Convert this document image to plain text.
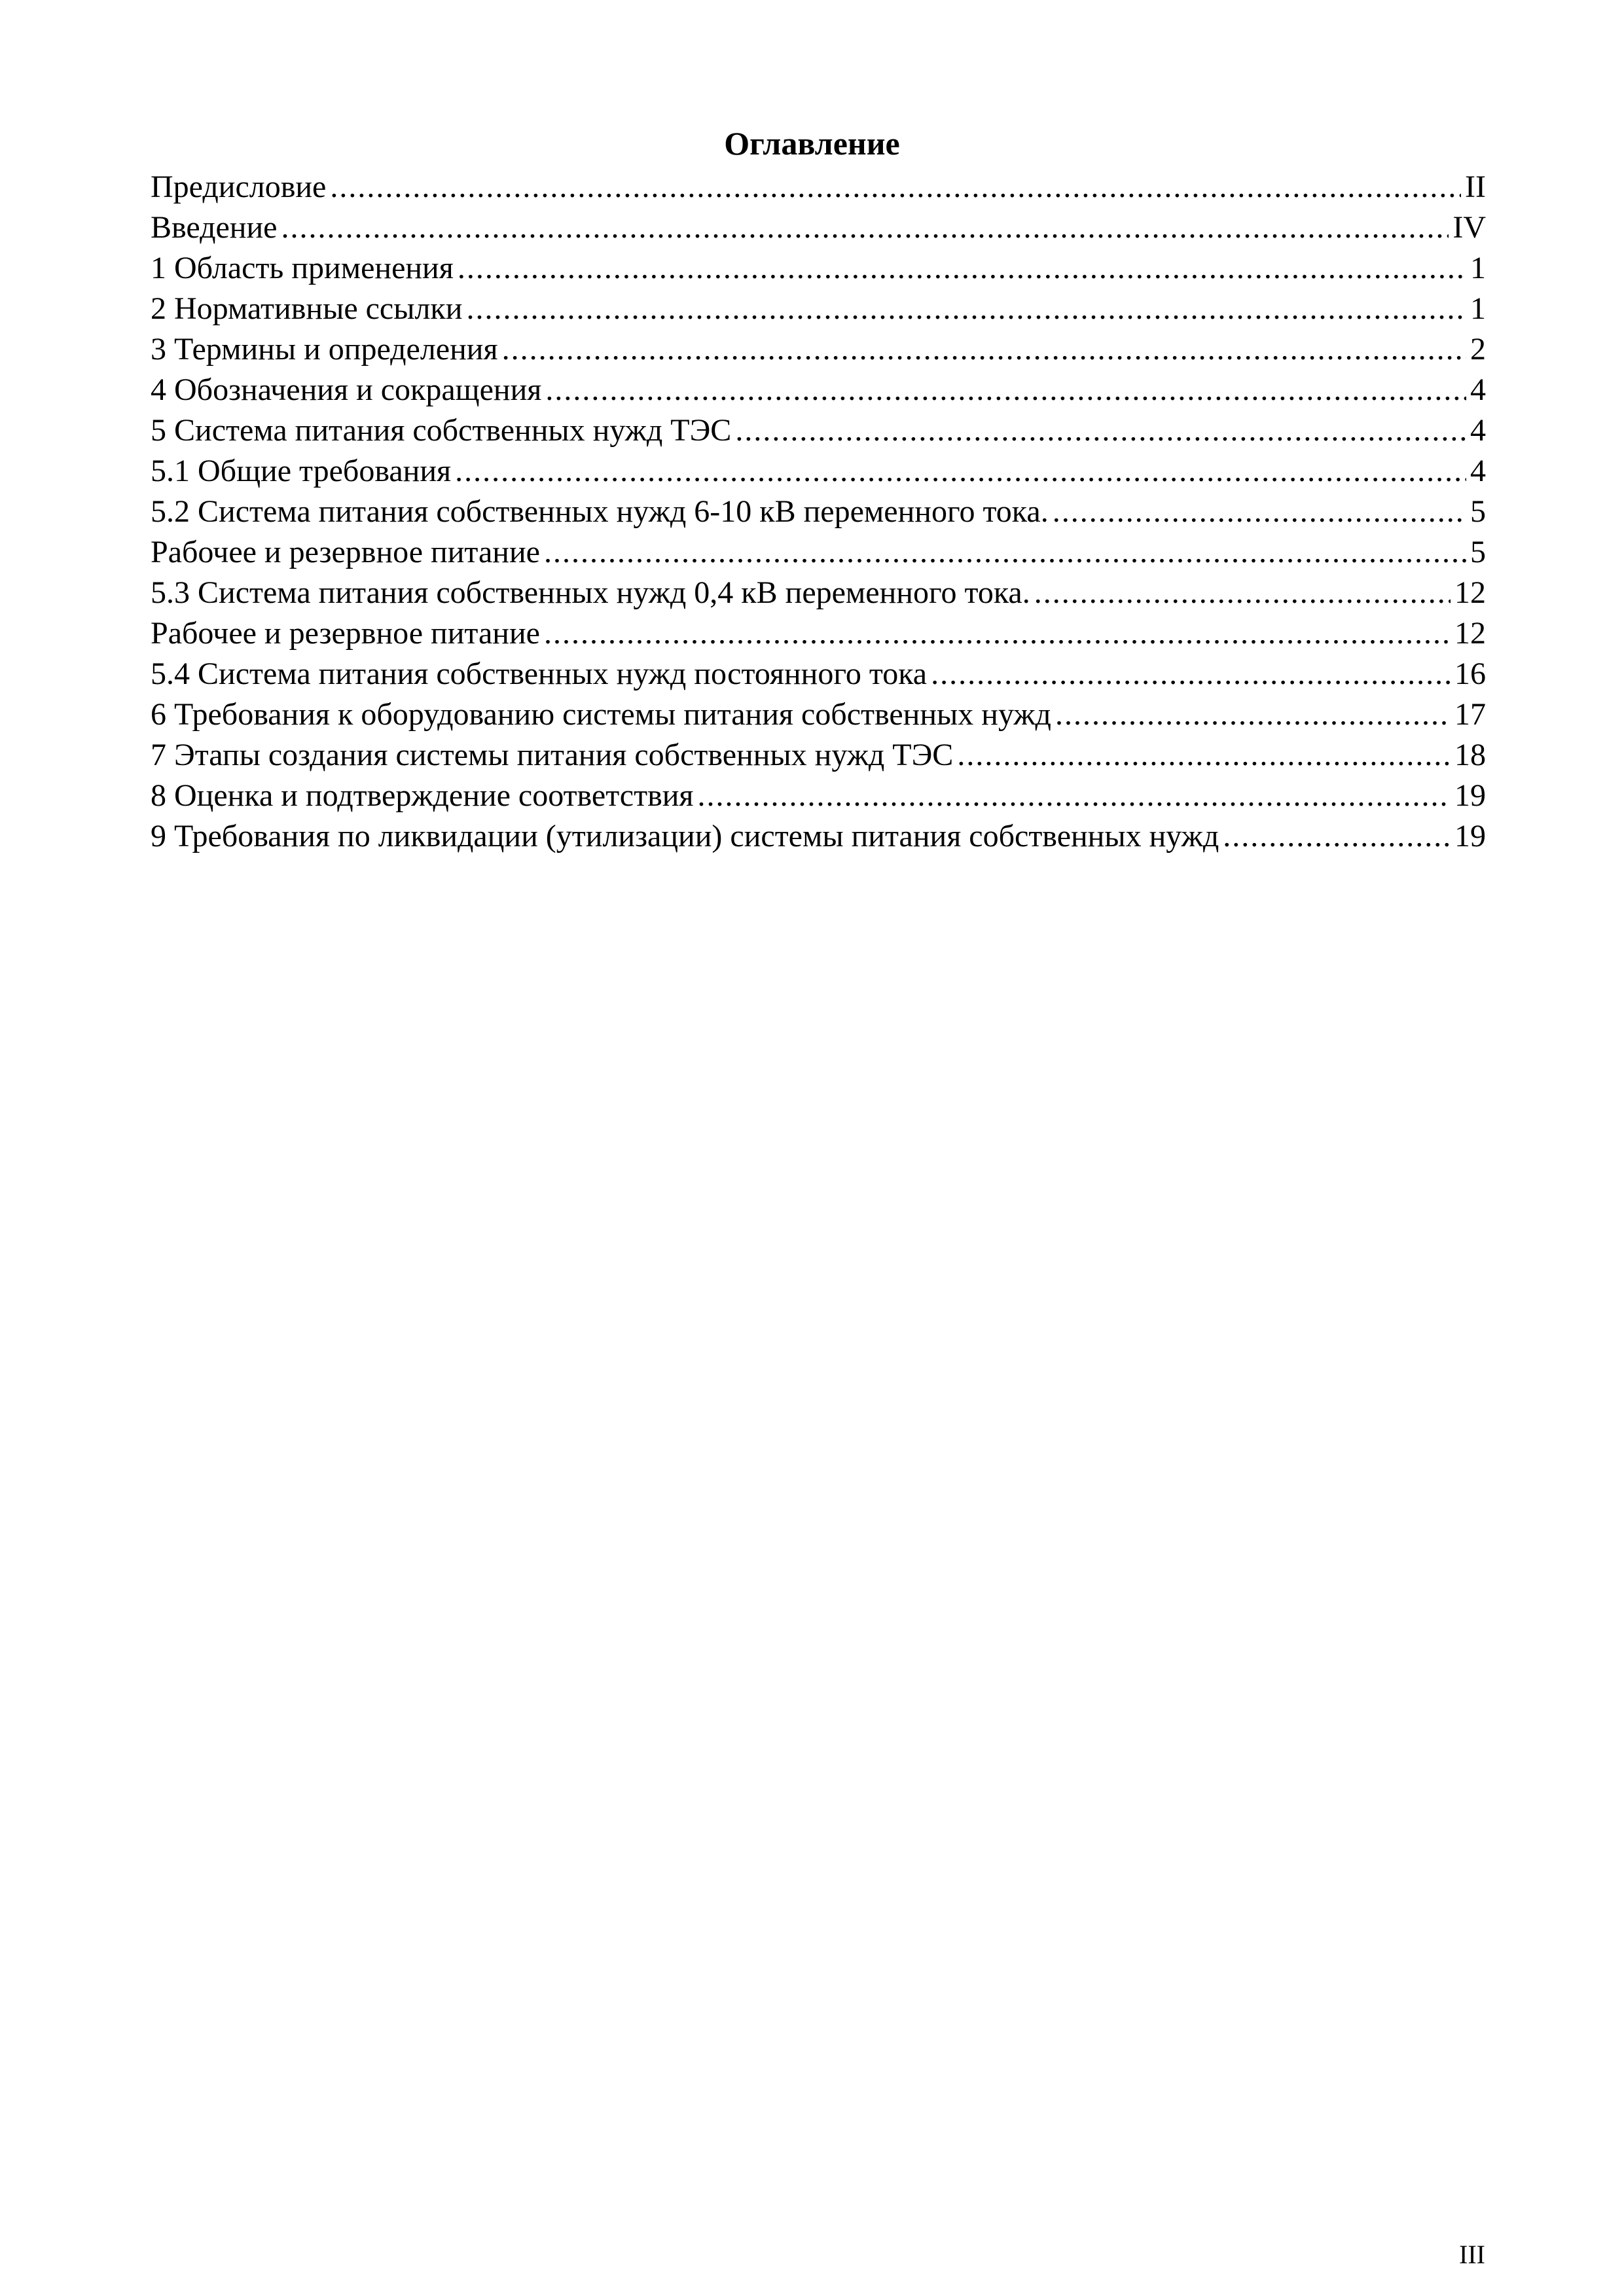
Оглавление
Предисловие .....	II
Введение .....	IV
1 Область применения .....	1
2 Нормативные ссылки .....	1
3 Термины и определения .....	2
4 Обозначения и сокращения .....	4
5 Система питания собственных нужд ТЭС .....	4
5.1 Общие требования .....	4
5.2 Система питания собственных нужд 6-10 кВ переменного тока. .....	5
Рабочее и резервное питание .....	5
5.3 Система питания собственных нужд 0,4 кВ переменного тока. .....	12
Рабочее и резервное питание .....	12
5.4 Система питания собственных нужд постоянного тока .....	16
6 Требования к оборудованию системы питания собственных нужд .....	17
7 Этапы создания системы питания собственных нужд ТЭС .....	18
8 Оценка и подтверждение соответствия .....	19
9 Требования по ликвидации (утилизации) системы питания собственных нужд .....	19
III
